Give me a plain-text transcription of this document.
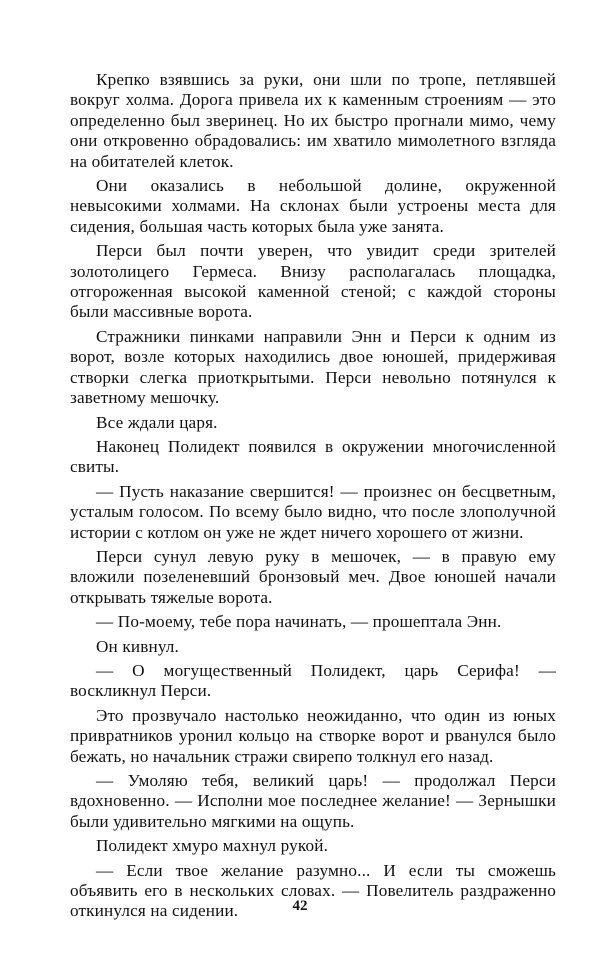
Крепко взявшись за руки, они шли по тропе, петлявшей вокруг холма. Дорога привела их к каменным строениям — это определенно был зверинец. Но их быстро прогнали мимо, чему они откровенно обрадовались: им хватило мимолетного взгляда на обитателей клеток.

Они оказались в небольшой долине, окруженной невысокими холмами. На склонах были устроены места для сидения, большая часть которых была уже занята.

Перси был почти уверен, что увидит среди зрителей золотолицего Гермеса. Внизу располагалась площадка, отгороженная высокой каменной стеной; с каждой стороны были массивные ворота.

Стражники пинками направили Энн и Перси к одним из ворот, возле которых находились двое юношей, придерживая створки слегка приоткрытыми. Перси невольно потянулся к заветному мешочку.

Все ждали царя.

Наконец Полидект появился в окружении многочисленной свиты.

— Пусть наказание свершится! — произнес он бесцветным, усталым голосом. По всему было видно, что после злополучной истории с котлом он уже не ждет ничего хорошего от жизни.

Перси сунул левую руку в мешочек, — в правую ему вложили позеленевший бронзовый меч. Двое юношей начали открывать тяжелые ворота.

— По-моему, тебе пора начинать, — прошептала Энн.

Он кивнул.

— О могущественный Полидект, царь Серифа! — воскликнул Перси.

Это прозвучало настолько неожиданно, что один из юных привратников уронил кольцо на створке ворот и рванулся было бежать, но начальник стражи свирепо толкнул его назад.

— Умоляю тебя, великий царь! — продолжал Перси вдохновенно. — Исполни мое последнее желание! — Зернышки были удивительно мягкими на ощупь.

Полидект хмуро махнул рукой.

— Если твое желание разумно... И если ты сможешь объявить его в нескольких словах. — Повелитель раздраженно откинулся на сидении.	42
